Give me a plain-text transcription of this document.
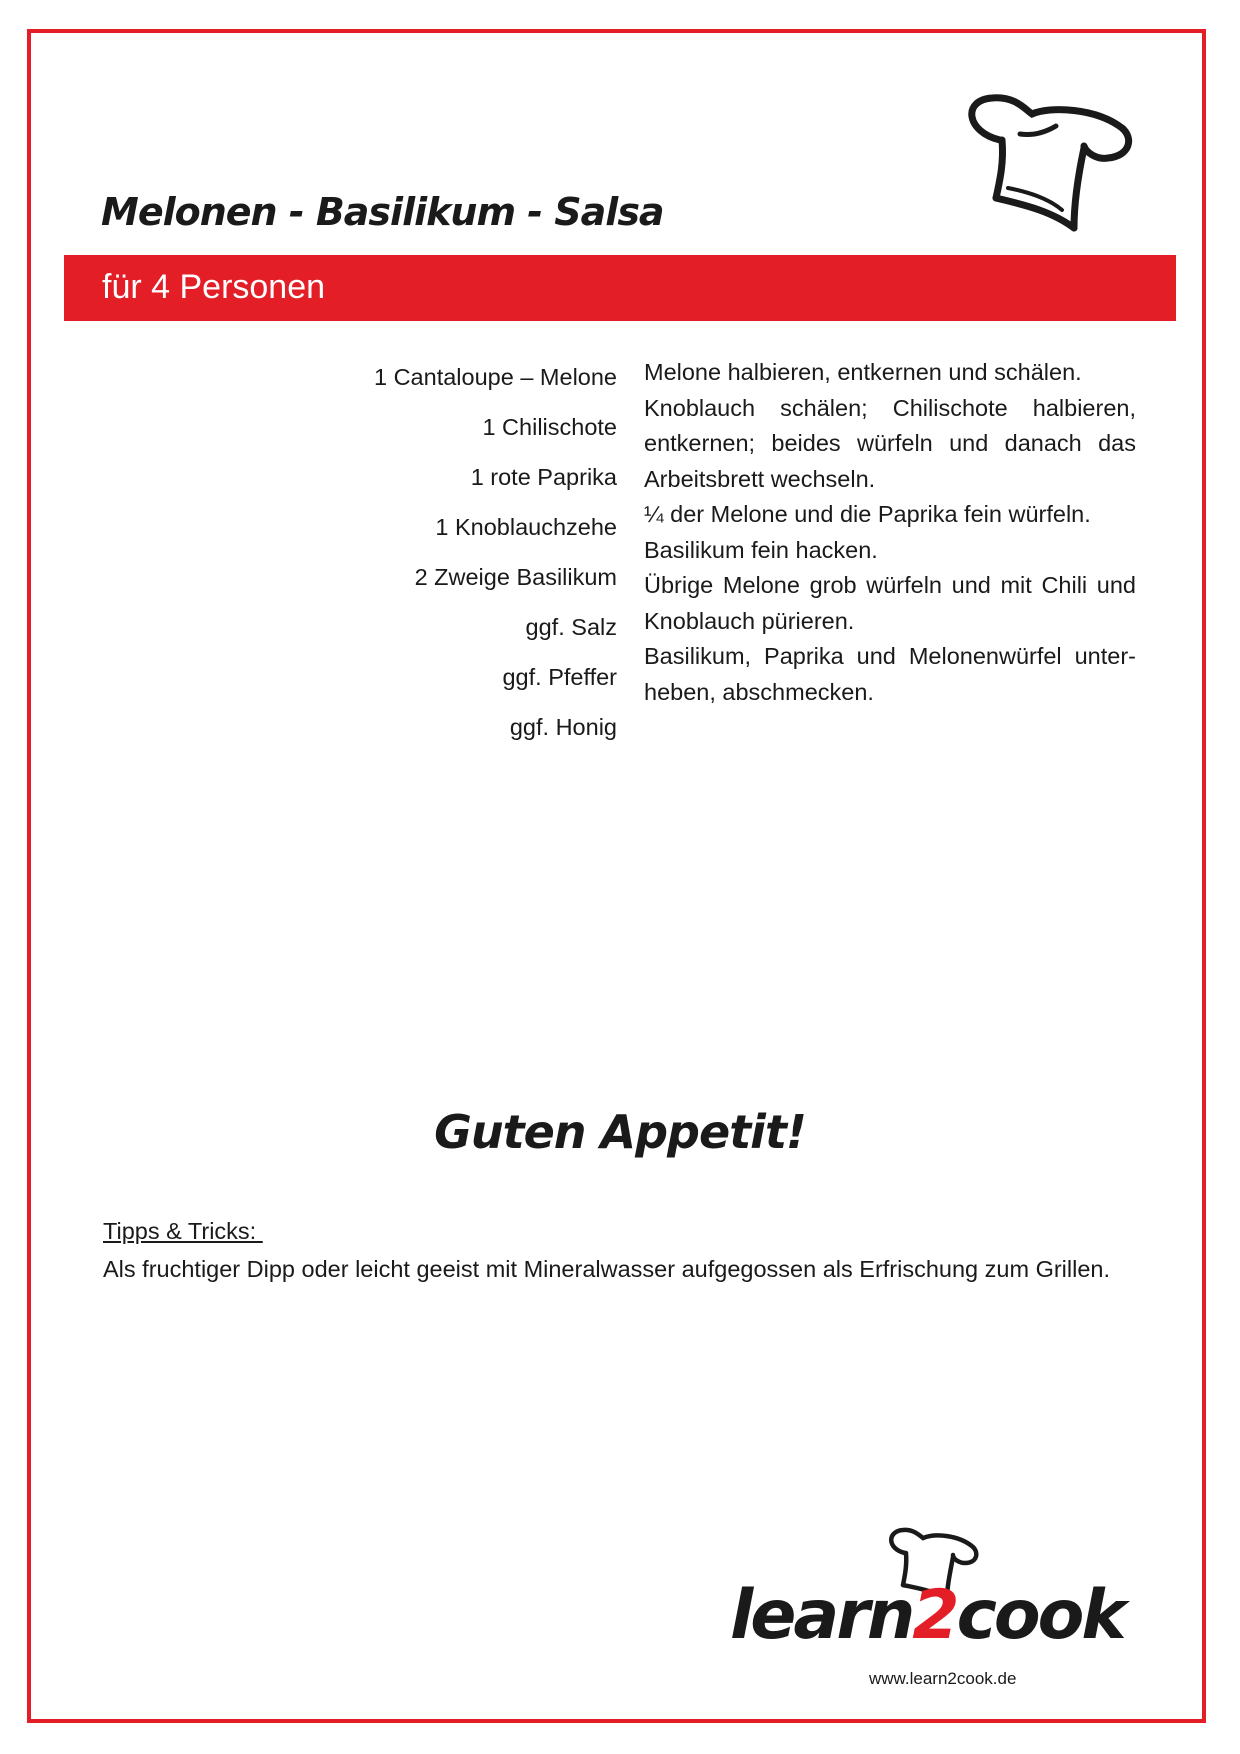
Melonen - Basilikum - Salsa
für 4 Personen
1 Cantaloupe – Melone
1 Chilischote
1 rote Paprika
1 Knoblauchzehe
2 Zweige Basilikum
ggf. Salz
ggf. Pfeffer
ggf. Honig

Melone halbieren, entkernen und schälen.

Knoblauch schälen; Chilischote halbieren, entkernen; beides würfeln und danach das Arbeitsbrett wechseln.

¼ der Melone und die Paprika fein würfeln.

Basilikum fein hacken.

Übrige Melone grob würfeln und mit Chili und Knoblauch pürieren.

Basilikum, Paprika und Melonenwürfel unter-heben, abschmecken.

Guten Appetit!
Tipps & Tricks:

Als fruchtiger Dipp oder leicht geeist mit Mineralwasser aufgegossen als Erfrischung zum Grillen.

learn2cook
www.learn2cook.de
